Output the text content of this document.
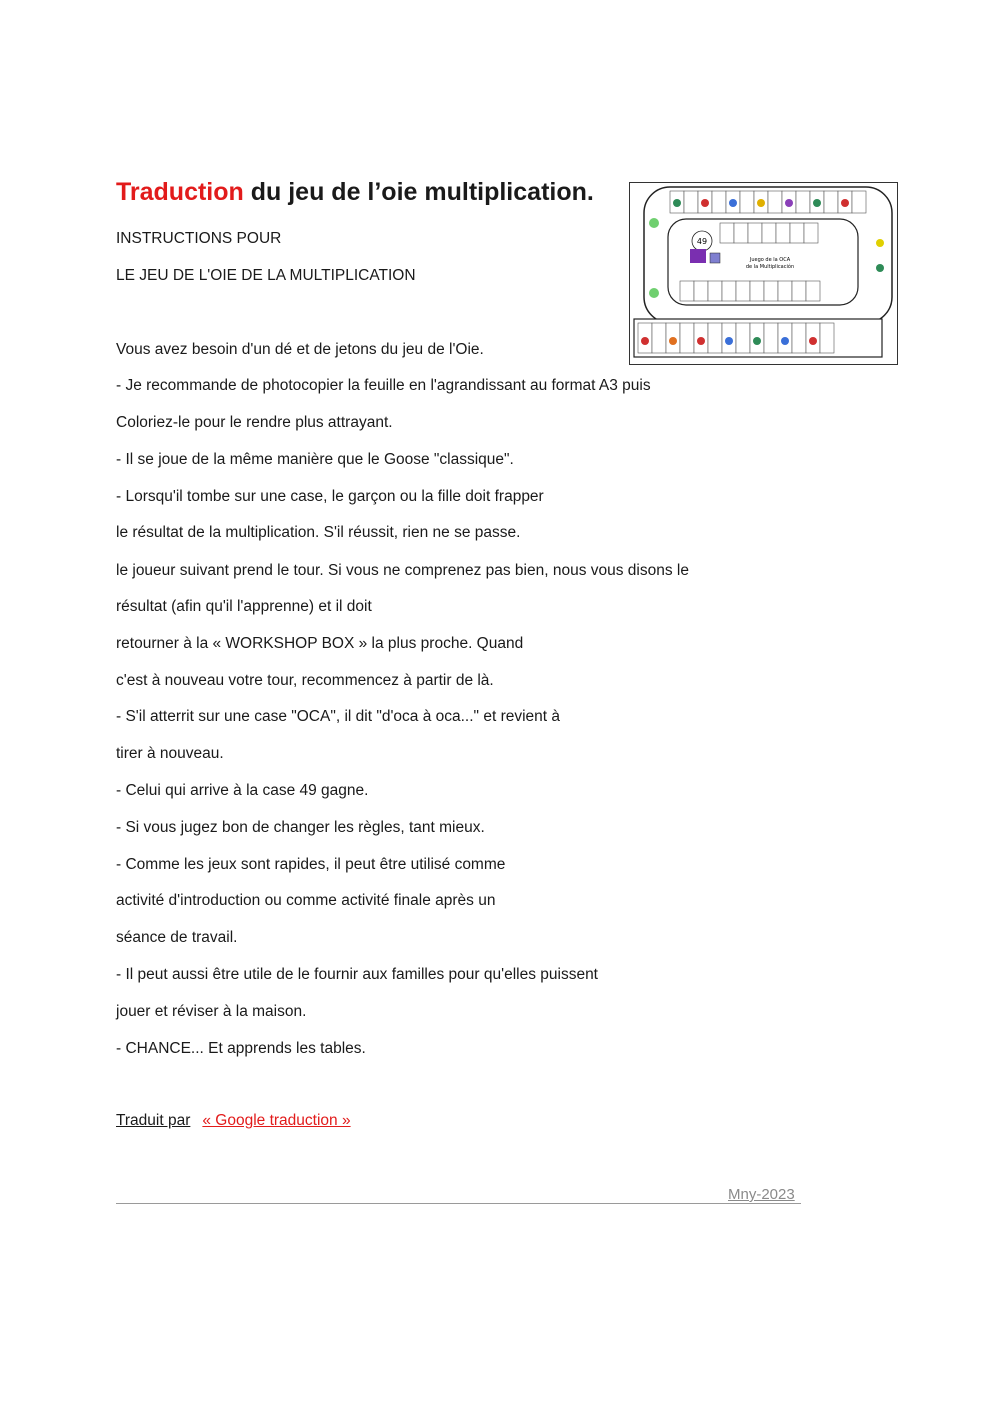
Traduction du jeu de l’oie multiplication.

INSTRUCTIONS POUR

LE JEU DE L'OIE DE LA MULTIPLICATION

Vous avez besoin d'un dé et de jetons du jeu de l'Oie.

- Je recommande de photocopier la feuille en l'agrandissant au format A3 puis

Coloriez-le pour le rendre plus attrayant.

- Il se joue de la même manière que le Goose "classique".

- Lorsqu'il tombe sur une case, le garçon ou la fille doit frapper

le résultat de la multiplication. S'il réussit, rien ne se passe.

le joueur suivant prend le tour. Si vous ne comprenez pas bien, nous vous disons le

résultat (afin qu'il l'apprenne) et il doit

retourner à la « WORKSHOP BOX » la plus proche. Quand

c'est à nouveau votre tour, recommencez à partir de là.

- S'il atterrit sur une case "OCA", il dit "d'oca à oca..." et revient à

tirer à nouveau.

- Celui qui arrive à la case 49 gagne.

- Si vous jugez bon de changer les règles, tant mieux.

- Comme les jeux sont rapides, il peut être utilisé comme

activité d'introduction ou comme activité finale après un

séance de travail.

- Il peut aussi être utile de le fournir aux familles pour qu'elles puissent

jouer et réviser à la maison.

- CHANCE... Et apprends les tables.

49
Juego de la OCA
de la Multiplicación
Traduit par « Google traduction »
Mny-2023
